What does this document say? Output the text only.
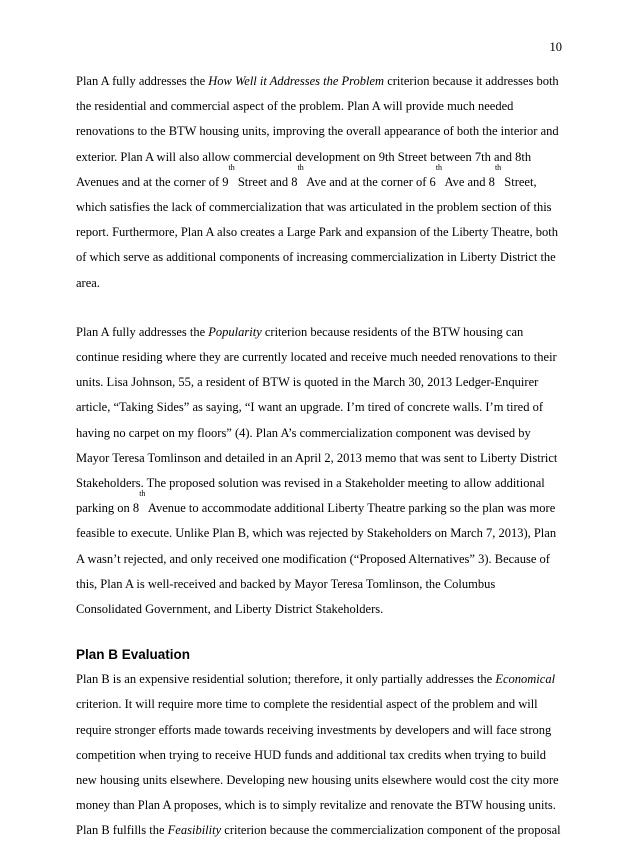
10

Plan A fully addresses the How Well it Addresses the Problem criterion because it addresses both
the residential and commercial aspect of the problem. Plan A will provide much needed
renovations to the BTW housing units, improving the overall appearance of both the interior and
exterior. Plan A will also allow commercial development on 9th Street between 7th and 8th
Avenues and at the corner of 9th Street and 8th Ave and at the corner of 6th Ave and 8th Street,
which satisfies the lack of commercialization that was articulated in the problem section of this
report. Furthermore, Plan A also creates a Large Park and expansion of the Liberty Theatre, both
of which serve as additional components of increasing commercialization in Liberty District the
area.

Plan A fully addresses the Popularity criterion because residents of the BTW housing can
continue residing where they are currently located and receive much needed renovations to their
units. Lisa Johnson, 55, a resident of BTW is quoted in the March 30, 2013 Ledger-Enquirer
article, “Taking Sides” as saying, “I want an upgrade. I’m tired of concrete walls. I’m tired of
having no carpet on my floors” (4). Plan A’s commercialization component was devised by
Mayor Teresa Tomlinson and detailed in an April 2, 2013 memo that was sent to Liberty District
Stakeholders. The proposed solution was revised in a Stakeholder meeting to allow additional
parking on 8th Avenue to accommodate additional Liberty Theatre parking so the plan was more
feasible to execute. Unlike Plan B, which was rejected by Stakeholders on March 7, 2013), Plan
A wasn’t rejected, and only received one modification (“Proposed Alternatives” 3). Because of
this, Plan A is well-received and backed by Mayor Teresa Tomlinson, the Columbus
Consolidated Government, and Liberty District Stakeholders.

Plan B Evaluation

Plan B is an expensive residential solution; therefore, it only partially addresses the Economical
criterion. It will require more time to complete the residential aspect of the problem and will
require stronger efforts made towards receiving investments by developers and will face strong
competition when trying to receive HUD funds and additional tax credits when trying to build
new housing units elsewhere. Developing new housing units elsewhere would cost the city more
money than Plan A proposes, which is to simply revitalize and renovate the BTW housing units.
Plan B fulfills the Feasibility criterion because the commercialization component of the proposal
